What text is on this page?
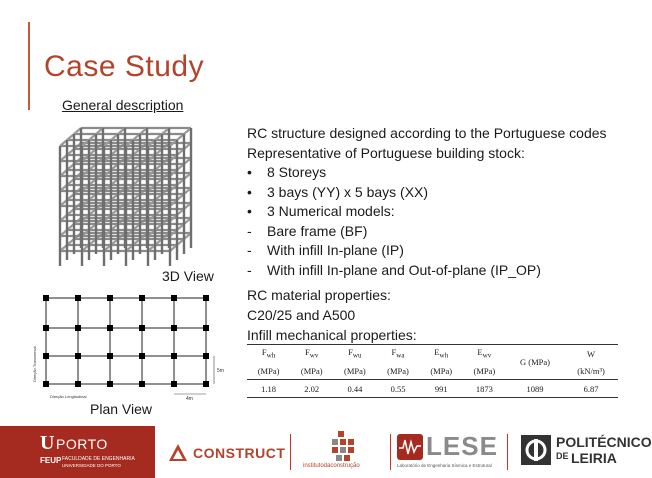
Case Study
General description
3D View
5m
4m
Direção Longitudinal
Direção Transversal
Plan View
RC structure designed according to the Portuguese codes
Representative of Portuguese building stock:
• 8 Storeys
• 3 bays (YY) x 5 bays (XX)
• 3 Numerical models:
- Bare frame (BF)
- With infill In-plane (IP)
- With infill In-plane and Out-of-plane (IP_OP)
RC material properties:
C20/25 and A500
Infill mechanical properties:
$F_{wh}$	$F_{wv}$	$F_{wu}$	$F_{wa}$	$E_{wh}$	$E_{wv}$	G (MPa)	W
(MPa)	(MPa)	(MPa)	(MPa)	(MPa)	(MPa)		(kN/m³)
1.18	2.02	0.44	0.55	991	1873	1089	6.87
U PORTO
FEUP FACULDADE DE ENGENHARIA
UNIVERSIDADE DO PORTO
CONSTRUCT
institutodaconstrução
LESE
Laboratório de Engenharia Sísmica e Estrutural
POLITÉCNICO
DE LEIRIA
